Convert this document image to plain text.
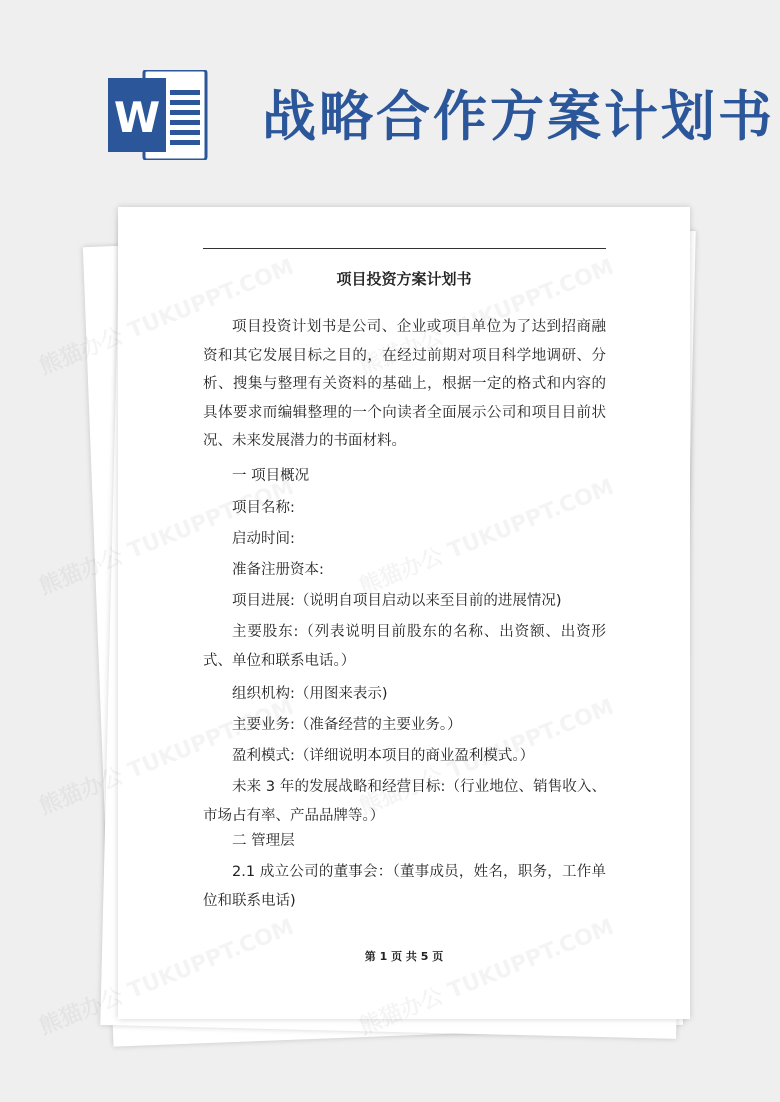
W 战略合作方案计划书
项目投资方案计划书

项目投资计划书是公司、企业或项目单位为了达到招商融资和其它发展目标之目的，在经过前期对项目科学地调研、分析、搜集与整理有关资料的基础上，根据一定的格式和内容的具体要求而编辑整理的一个向读者全面展示公司和项目目前状况、未来发展潜力的书面材料。

一 项目概况

项目名称:

启动时间:

准备注册资本:

项目进展:（说明自项目启动以来至目前的进展情况)

主要股东:（列表说明目前股东的名称、出资额、出资形式、单位和联系电话。）

组织机构:（用图来表示)

主要业务:（准备经营的主要业务。）

盈利模式:（详细说明本项目的商业盈利模式。）

未来 3 年的发展战略和经营目标:（行业地位、销售收入、市场占有率、产品品牌等。）

二 管理层

2.1 成立公司的董事会：（董事成员，姓名，职务，工作单位和联系电话)

第 1 页 共 5 页
